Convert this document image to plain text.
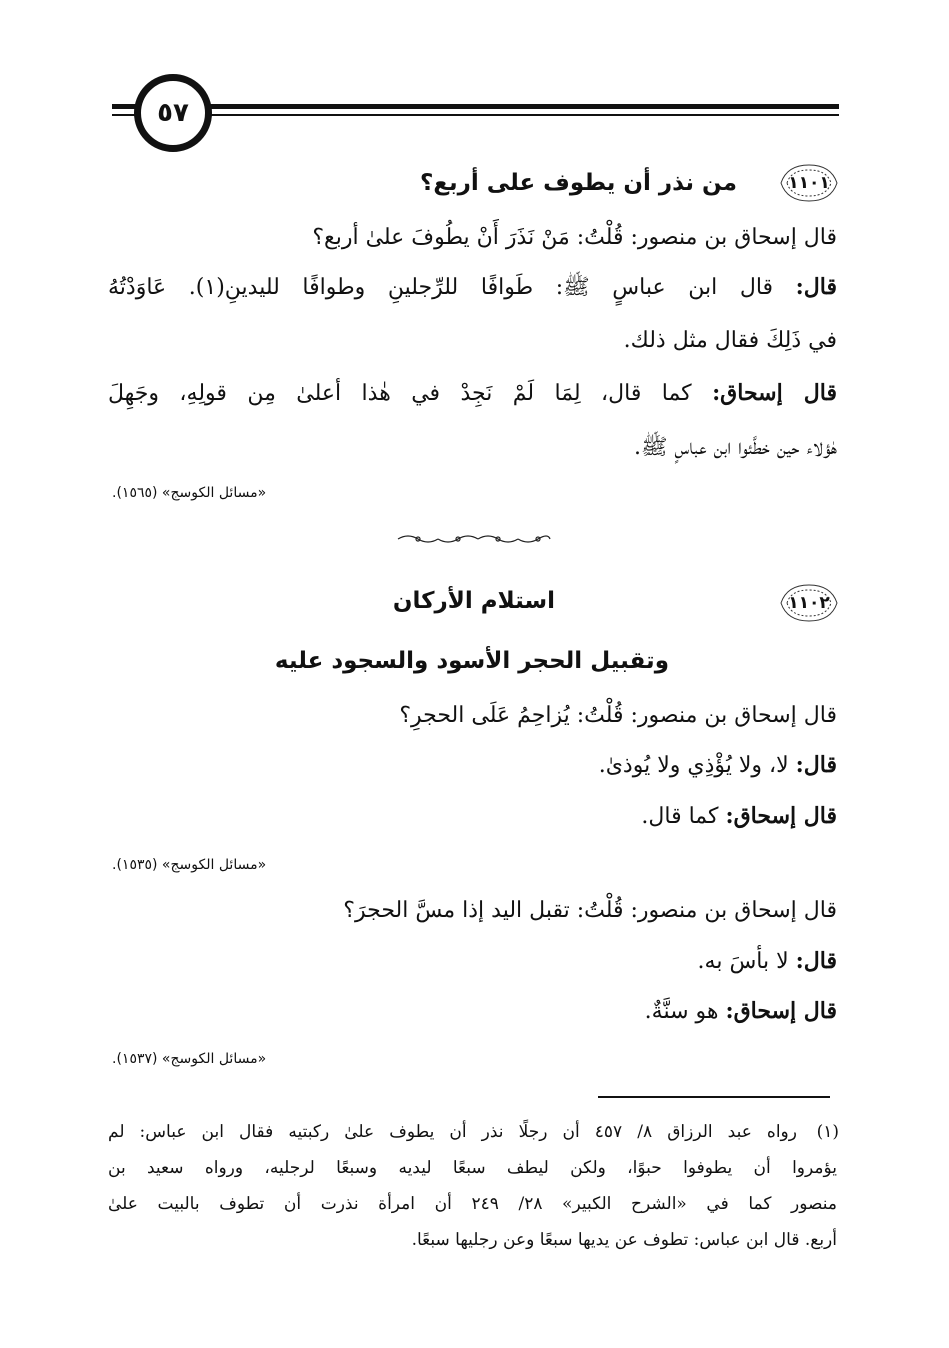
٥٧
١١٠١
من نذر أن يطوف على أربع؟
قال إسحاق بن منصور: قُلْتُ: مَنْ نَذَرَ أَنْ يطُوفَ علىٰ أربع؟
قال: قال ابن عباسٍ ﷺ: طَوافًا للرِّجلينِ وطوافًا لليدينِ(١). عَاوَدْتُهُ
في ذَلِكَ فقال مثل ذلك.
قال إسحاق: كما قال، لِمَا لَمْ نَجِدْ في هٰذا أعلىٰ مِن قولِهِ، وجَهِلَ
هٰؤلاء حين خطَّئوا ابن عباسٍ ﷺ.
«مسائل الكوسج» (١٥٦٥).
١١٠٢
استلام الأركان
وتقبيل الحجر الأسود والسجود عليه
قال إسحاق بن منصور: قُلْتُ: يُزاحِمُ عَلَى الحجرِ؟
قال: لا، ولا يُؤْذِي ولا يُوذىٰ.
قال إسحاق: كما قال.
«مسائل الكوسج» (١٥٣٥).
قال إسحاق بن منصور: قُلْتُ: تقبل اليد إذا مسَّ الحجرَ؟
قال: لا بأسَ به.
قال إسحاق: هو سنَّةٌ.
«مسائل الكوسج» (١٥٣٧).
(١)
رواه عبد الرزاق ٨/ ٤٥٧ أن رجلًا نذر أن يطوف علىٰ ركبتيه فقال ابن عباس: لم
يؤمروا أن يطوفوا حبوًا، ولكن ليطف سبعًا ليديه وسبعًا لرجليه، ورواه سعيد بن
منصور كما في «الشرح الكبير» ٢٨/ ٢٤٩ أن امرأة نذرت أن تطوف بالبيت علىٰ
أربع. قال ابن عباس: تطوف عن يديها سبعًا وعن رجليها سبعًا.
